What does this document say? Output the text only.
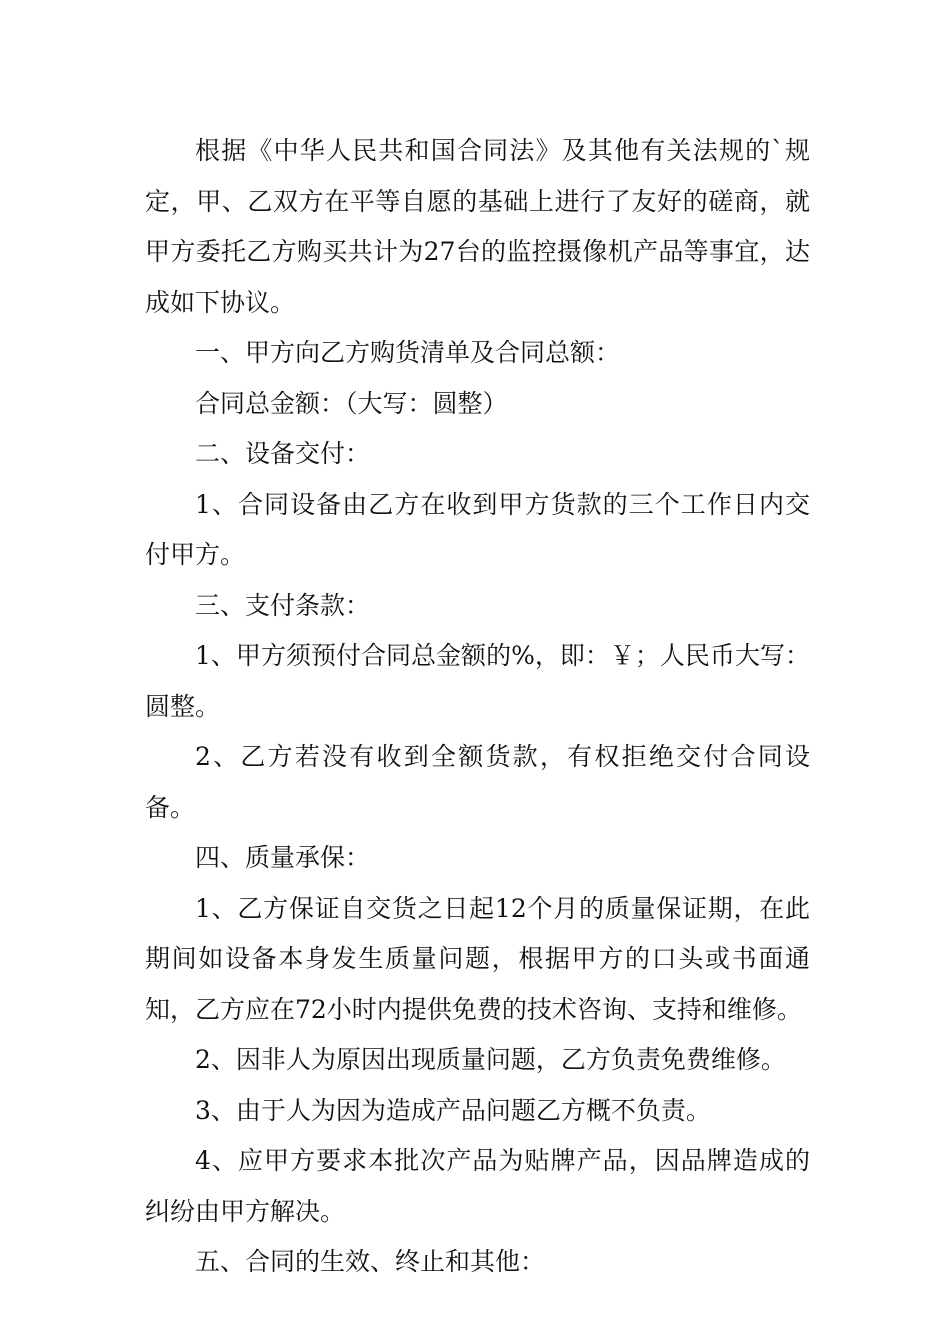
根据《中华人民共和国合同法》及其他有关法规的`规定，甲、乙双方在平等自愿的基础上进行了友好的磋商，就甲方委托乙方购买共计为27台的监控摄像机产品等事宜，达成如下协议。

一、甲方向乙方购货清单及合同总额：

合同总金额：（大写：圆整）

二、设备交付：

1、合同设备由乙方在收到甲方货款的三个工作日内交付甲方。

三、支付条款：

1、甲方须预付合同总金额的%，即：￥；人民币大写：圆整。

2、乙方若没有收到全额货款，有权拒绝交付合同设备。

四、质量承保：

1、乙方保证自交货之日起12个月的质量保证期，在此期间如设备本身发生质量问题，根据甲方的口头或书面通知，乙方应在72小时内提供免费的技术咨询、支持和维修。

2、因非人为原因出现质量问题，乙方负责免费维修。

3、由于人为因为造成产品问题乙方概不负责。

4、应甲方要求本批次产品为贴牌产品，因品牌造成的纠纷由甲方解决。

五、合同的生效、终止和其他：
